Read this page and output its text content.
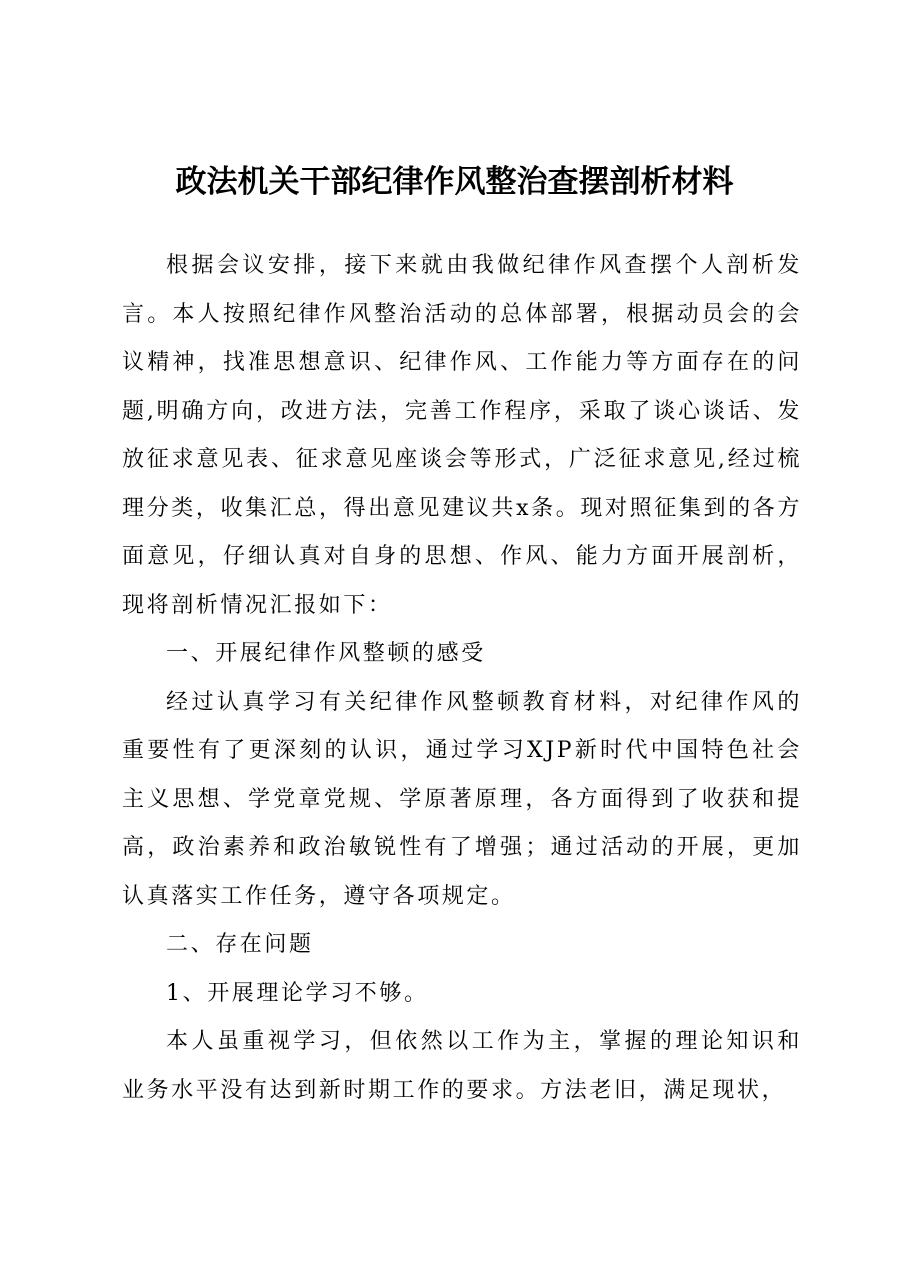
政法机关干部纪律作风整治查摆剖析材料

根据会议安排，接下来就由我做纪律作风查摆个人剖析发言。本人按照纪律作风整治活动的总体部署，根据动员会的会议精神，找准思想意识、纪律作风、工作能力等方面存在的问题,明确方向，改进方法，完善工作程序，采取了谈心谈话、发放征求意见表、征求意见座谈会等形式，广泛征求意见,经过梳理分类，收集汇总，得出意见建议共x条。现对照征集到的各方面意见，仔细认真对自身的思想、作风、能力方面开展剖析，现将剖析情况汇报如下：

一、开展纪律作风整顿的感受

经过认真学习有关纪律作风整顿教育材料，对纪律作风的重要性有了更深刻的认识，通过学习XJP新时代中国特色社会主义思想、学党章党规、学原著原理，各方面得到了收获和提高，政治素养和政治敏锐性有了增强；通过活动的开展，更加认真落实工作任务，遵守各项规定。

二、存在问题

1、开展理论学习不够。

本人虽重视学习，但依然以工作为主，掌握的理论知识和业务水平没有达到新时期工作的要求。方法老旧，满足现状，
